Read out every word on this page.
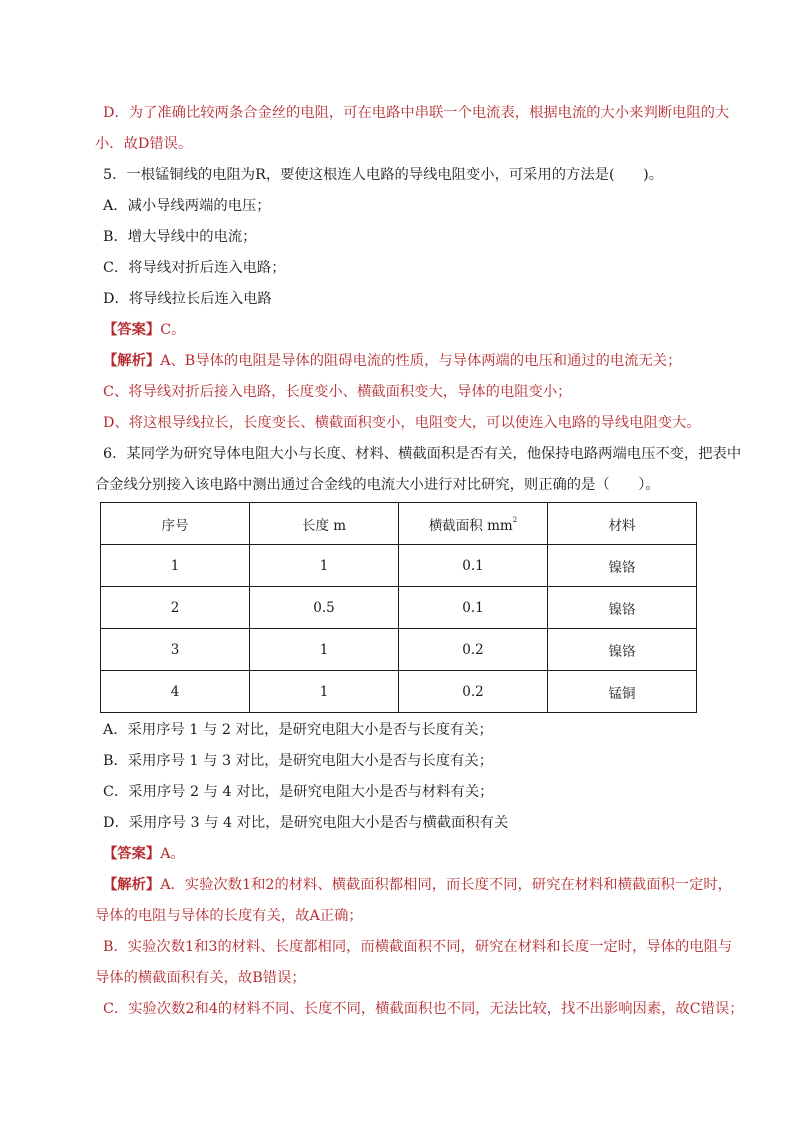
D．为了准确比较两条合金丝的电阻，可在电路中串联一个电流表，根据电流的大小来判断电阻的大
小．故D错误。
5．一根锰铜线的电阻为R，要使这根连人电路的导线电阻变小，可采用的方法是(　　)。
A．减小导线两端的电压；
B．增大导线中的电流；
C．将导线对折后连入电路；
D．将导线拉长后连入电路
【答案】C。
【解析】A、B导体的电阻是导体的阻碍电流的性质，与导体两端的电压和通过的电流无关；
C、将导线对折后接入电路，长度变小、横截面积变大，导体的电阻变小；
D、将这根导线拉长，长度变长、横截面积变小，电阻变大，可以使连入电路的导线电阻变大。
6．某同学为研究导体电阻大小与长度、材料、横截面积是否有关，他保持电路两端电压不变，把表中
合金线分别接入该电路中测出通过合金线的电流大小进行对比研究，则正确的是（　　）。
序号	长度 m	横截面积 $mm^2$	材料
1	1	0.1	镍铬
2	0.5	0.1	镍铬
3	1	0.2	镍铬
4	1	0.2	锰铜
A．采用序号 1 与 2 对比，是研究电阻大小是否与长度有关；
B．采用序号 1 与 3 对比，是研究电阻大小是否与长度有关；
C．采用序号 2 与 4 对比，是研究电阻大小是否与材料有关；
D．采用序号 3 与 4 对比，是研究电阻大小是否与横截面积有关
【答案】A。
【解析】A．实验次数1和2的材料、横截面积都相同，而长度不同，研究在材料和横截面积一定时，
导体的电阻与导体的长度有关，故A正确；
B．实验次数1和3的材料、长度都相同，而横截面积不同，研究在材料和长度一定时，导体的电阻与
导体的横截面积有关，故B错误；
C．实验次数2和4的材料不同、长度不同，横截面积也不同，无法比较，找不出影响因素，故C错误；
